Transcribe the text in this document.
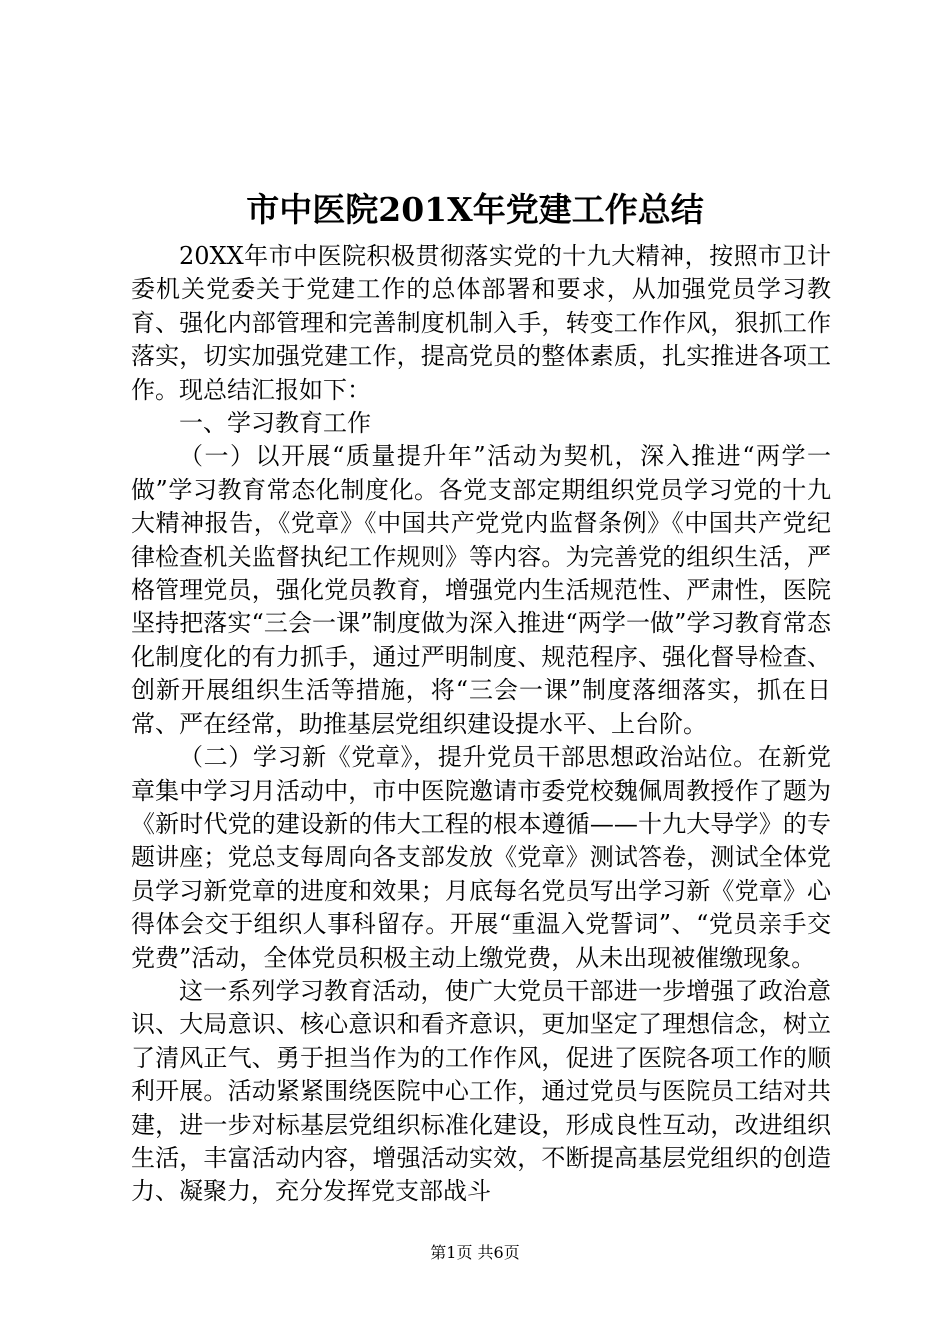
市中医院201X年党建工作总结

20XX年市中医院积极贯彻落实党的十九大精神，按照市卫计委机关党委关于党建工作的总体部署和要求，从加强党员学习教育、强化内部管理和完善制度机制入手，转变工作作风，狠抓工作落实，切实加强党建工作，提高党员的整体素质，扎实推进各项工作。现总结汇报如下：

一、学习教育工作

（一）以开展“质量提升年”活动为契机，深入推进“两学一做”学习教育常态化制度化。各党支部定期组织党员学习党的十九大精神报告，《党章》《中国共产党党内监督条例》《中国共产党纪律检查机关监督执纪工作规则》等内容。为完善党的组织生活，严格管理党员，强化党员教育，增强党内生活规范性、严肃性，医院坚持把落实“三会一课”制度做为深入推进“两学一做”学习教育常态化制度化的有力抓手，通过严明制度、规范程序、强化督导检查、创新开展组织生活等措施，将“三会一课”制度落细落实，抓在日常、严在经常，助推基层党组织建设提水平、上台阶。

（二）学习新《党章》，提升党员干部思想政治站位。在新党章集中学习月活动中，市中医院邀请市委党校魏佩周教授作了题为《新时代党的建设新的伟大工程的根本遵循——十九大导学》的专题讲座；党总支每周向各支部发放《党章》测试答卷，测试全体党员学习新党章的进度和效果；月底每名党员写出学习新《党章》心得体会交于组织人事科留存。开展“重温入党誓词”、“党员亲手交党费”活动，全体党员积极主动上缴党费，从未出现被催缴现象。

这一系列学习教育活动，使广大党员干部进一步增强了政治意识、大局意识、核心意识和看齐意识，更加坚定了理想信念，树立了清风正气、勇于担当作为的工作作风，促进了医院各项工作的顺利开展。活动紧紧围绕医院中心工作，通过党员与医院员工结对共建，进一步对标基层党组织标准化建设，形成良性互动，改进组织生活，丰富活动内容，增强活动实效，不断提高基层党组织的创造力、凝聚力，充分发挥党支部战斗

第1页 共6页
